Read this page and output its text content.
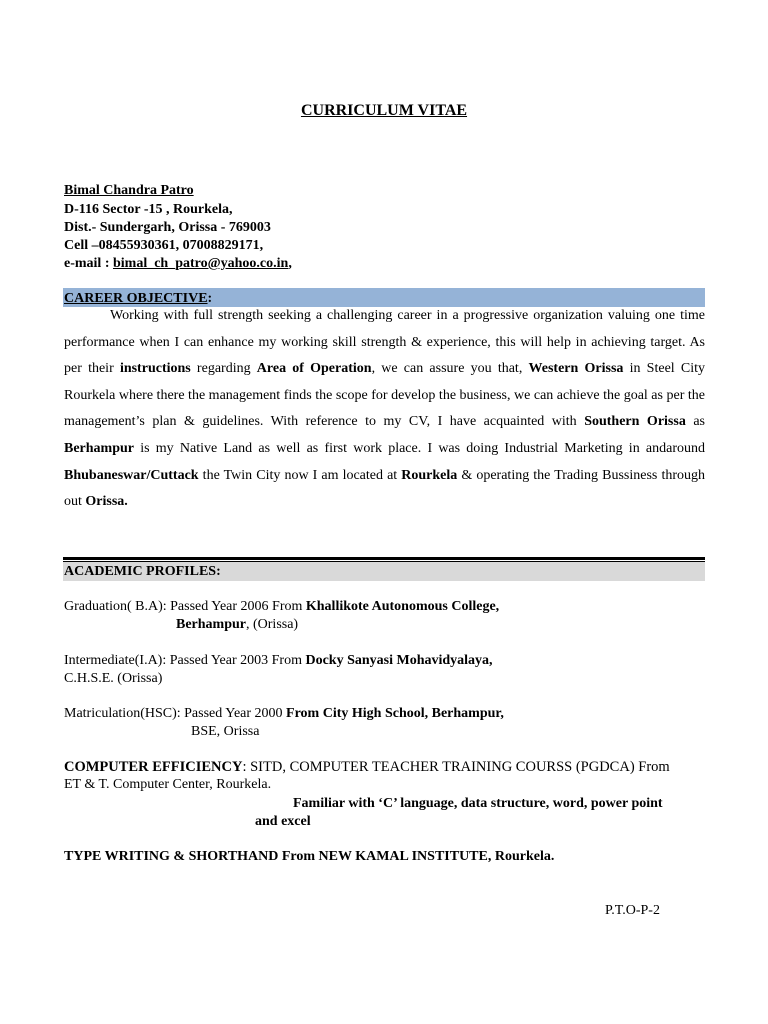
CURRICULUM VITAE
Bimal Chandra Patro
D-116 Sector -15 , Rourkela,
Dist.- Sundergarh, Orissa - 769003
Cell –08455930361, 07008829171,
e-mail : bimal_ch_patro@yahoo.co.in,
CAREER OBJECTIVE:
Working with full strength seeking a challenging career in a progressive organization valuing one time performance when I can enhance my working skill strength & experience, this will help in achieving target. As per their instructions regarding Area of Operation, we can assure you that, Western Orissa in Steel City Rourkela where there the management finds the scope for develop the business, we can achieve the goal as per the management’s plan & guidelines. With reference to my CV, I have acquainted with Southern Orissa as Berhampur is my Native Land as well as first work place. I was doing Industrial Marketing in andaround Bhubaneswar/Cuttack the Twin City now I am located at Rourkela & operating the Trading Bussiness through out Orissa.
ACADEMIC PROFILES:
Graduation( B.A): Passed Year 2006 From Khallikote Autonomous College,
Berhampur, (Orissa)
Intermediate(I.A): Passed Year 2003 From Docky Sanyasi Mohavidyalaya,
C.H.S.E. (Orissa)
Matriculation(HSC): Passed Year 2000 From City High School, Berhampur,
BSE, Orissa
COMPUTER EFFICIENCY: SITD, COMPUTER TEACHER TRAINING COURSS (PGDCA) From
ET & T. Computer Center, Rourkela.
Familiar with ‘C’ language, data structure, word, power point
and excel
TYPE WRITING & SHORTHAND From NEW KAMAL INSTITUTE, Rourkela.
P.T.O-P-2
